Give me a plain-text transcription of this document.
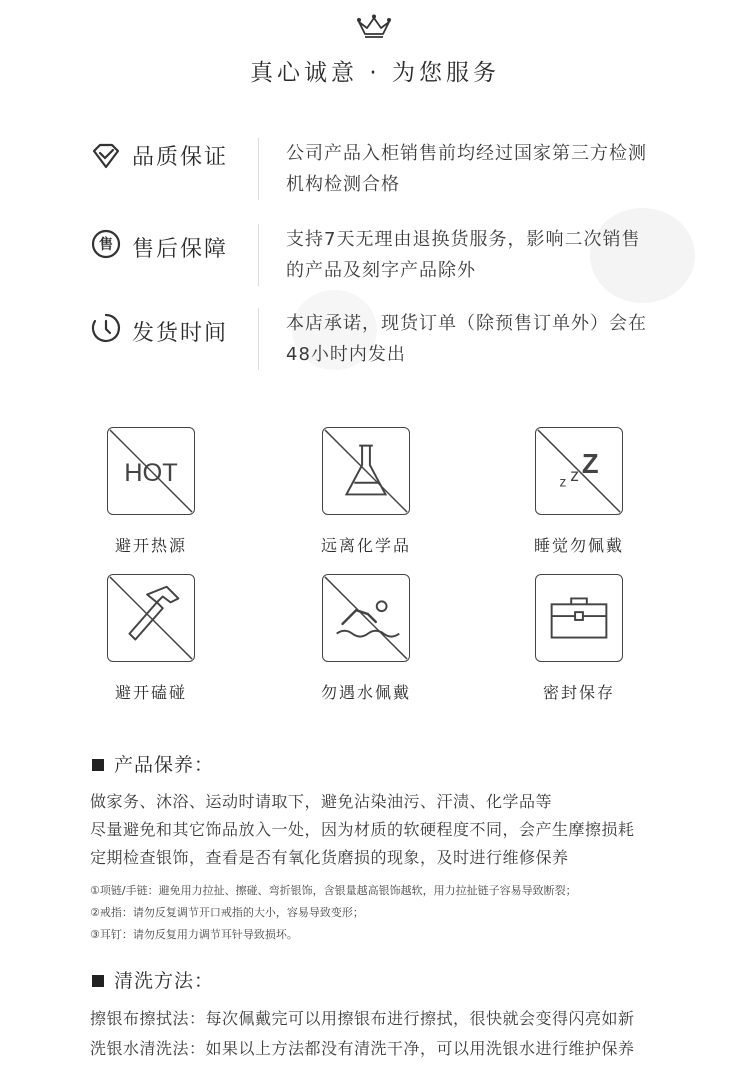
真心诚意 · 为您服务
品质保证	公司产品入柜销售前均经过国家第三方检测
机构检测合格
售 售后保障	支持7天无理由退换货服务，影响二次销售
的产品及刻字产品除外
发货时间	本店承诺，现货订单（除预售订单外）会在
48小时内发出
HOT
避开热源	远离化学品
z z Z
睡觉勿佩戴
避开磕碰	勿遇水佩戴	密封保存
产品保养：
做家务、沐浴、运动时请取下，避免沾染油污、汗渍、化学品等
尽量避免和其它饰品放入一处，因为材质的软硬程度不同，会产生摩擦损耗
定期检查银饰，查看是否有氧化货磨损的现象，及时进行维修保养
①项链/手链：避免用力拉扯、擦碰、弯折银饰，含银量越高银饰越软，用力拉扯链子容易导致断裂；
②戒指：请勿反复调节开口戒指的大小，容易导致变形；
③耳钉：请勿反复用力调节耳针导致损坏。
清洗方法：
擦银布擦拭法：每次佩戴完可以用擦银布进行擦拭，很快就会变得闪亮如新
洗银水清洗法：如果以上方法都没有清洗干净，可以用洗银水进行维护保养
